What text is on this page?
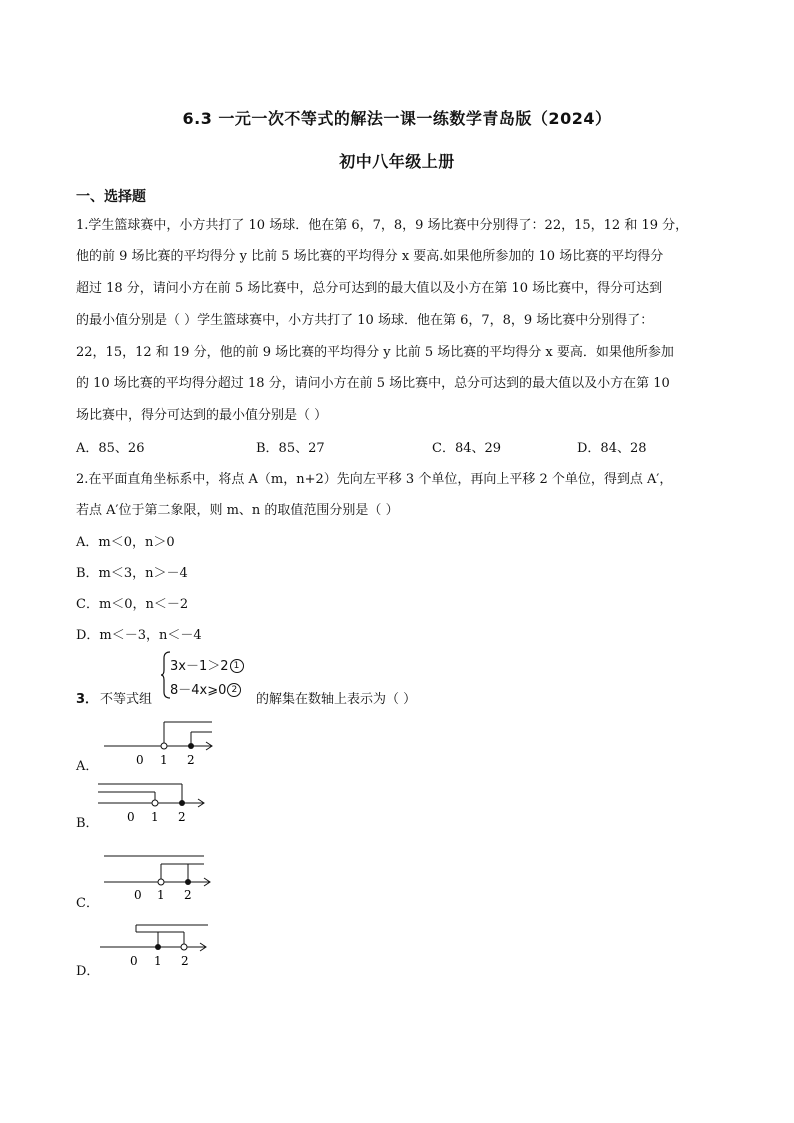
6.3 一元一次不等式的解法一课一练数学青岛版（2024）
初中八年级上册
一、选择题
1.学生篮球赛中，小方共打了 10 场球．他在第 6，7，8，9 场比赛中分别得了：22，15，12 和 19 分，
他的前 9 场比赛的平均得分 y 比前 5 场比赛的平均得分 x 要高.如果他所参加的 10 场比赛的平均得分
超过 18 分，请问小方在前 5 场比赛中，总分可达到的最大值以及小方在第 10 场比赛中，得分可达到
的最小值分别是（ ）学生篮球赛中，小方共打了 10 场球．他在第 6，7，8，9 场比赛中分别得了：
22，15，12 和 19 分，他的前 9 场比赛的平均得分 y 比前 5 场比赛的平均得分 x 要高．如果他所参加
的 10 场比赛的平均得分超过 18 分，请问小方在前 5 场比赛中，总分可达到的最大值以及小方在第 10
场比赛中，得分可达到的最小值分别是（ ）
A．85、26	B．85、27	C．84、29	D．84、28
2.在平面直角坐标系中，将点 A（m，n+2）先向左平移 3 个单位，再向上平移 2 个单位，得到点 A′，
若点 A′位于第二象限，则 m、n 的取值范围分别是（ ）
A．m＜0，n＞0
B．m＜3，n＞－4
C．m＜0，n＜－2
D．m＜－3，n＜－4
3． 不等式组
3x－1＞2 1
8－4x⩾0 2
的解集在数轴上表示为（ ）
A．	0 1 2
B． 0 1 2
C．
0 1 2
D．
0 1 2
